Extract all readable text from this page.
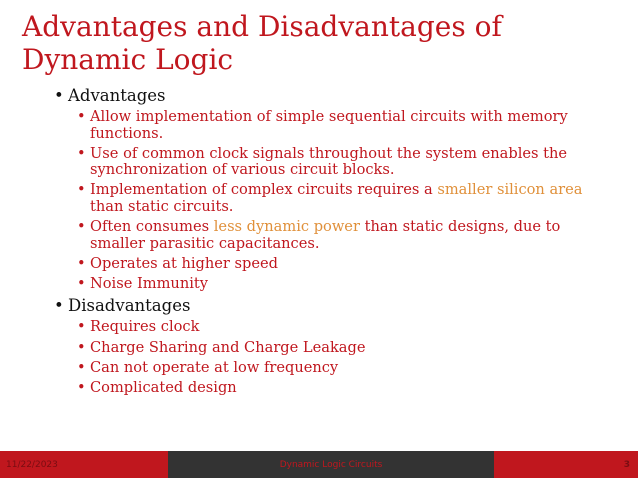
Advantages and Disadvantages of
Dynamic Logic
• Advantages
• Allow implementation of simple sequential circuits with memory functions.
• Use of common clock signals throughout the system enables the synchronization of various circuit blocks.
• Implementation of complex circuits requires a smaller silicon area than static circuits.
• Often consumes less dynamic power than static designs, due to smaller parasitic capacitances.
• Operates at higher speed
• Noise Immunity
• Disadvantages
• Requires clock
• Charge Sharing and Charge Leakage
• Can not operate at low frequency
• Complicated design
11/22/2023	Dynamic Logic Circuits	3
